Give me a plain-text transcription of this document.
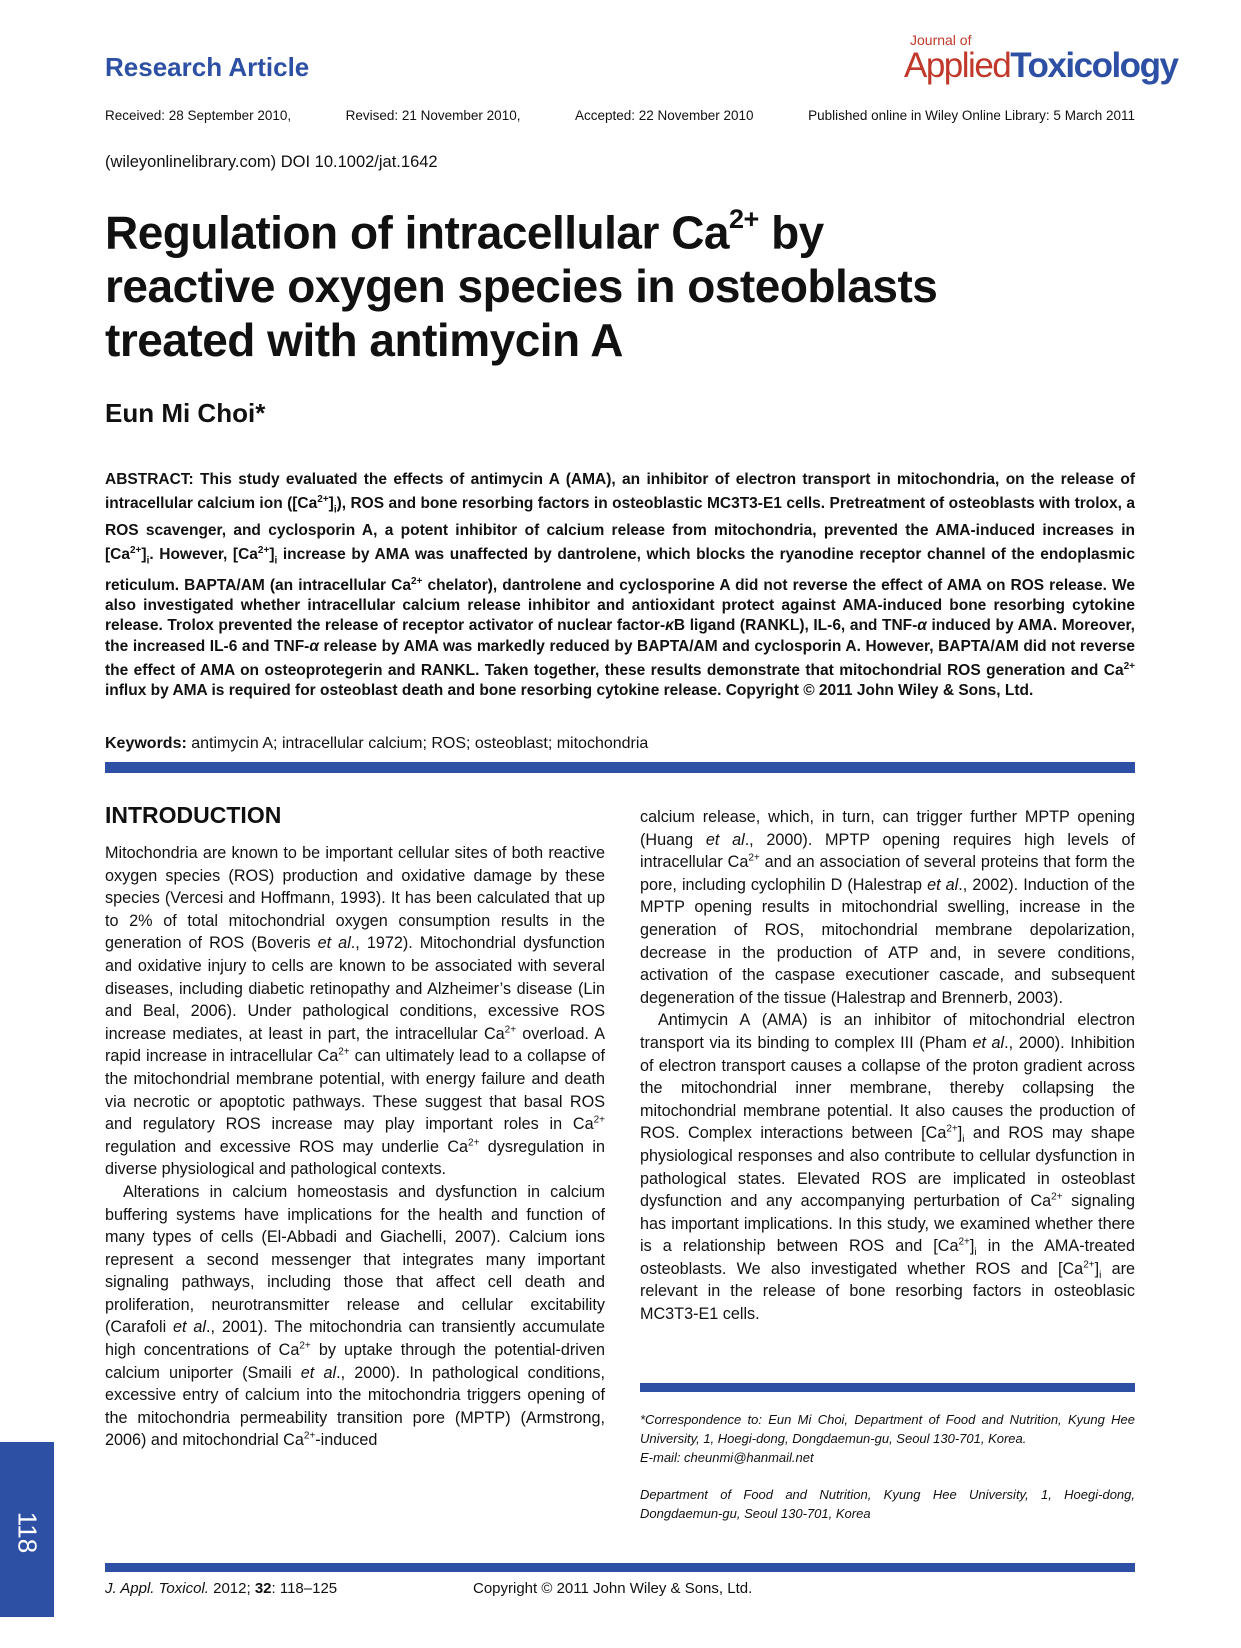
Research Article
Journal of
AppliedToxicology
Received: 28 September 2010,	Revised: 21 November 2010,	Accepted: 22 November 2010	Published online in Wiley Online Library: 5 March 2011
(wileyonlinelibrary.com) DOI 10.1002/jat.1642
Regulation of intracellular $Ca^{2+}$ by
reactive oxygen species in osteoblasts
treated with antimycin A
Eun Mi Choi*
ABSTRACT: This study evaluated the effects of antimycin A (AMA), an inhibitor of electron transport in mitochondria, on the release of intracellular calcium ion $([Ca^{2+}]_i)$, ROS and bone resorbing factors in osteoblastic MC3T3-E1 cells. Pretreatment of osteoblasts with trolox, a ROS scavenger, and cyclosporin A, a potent inhibitor of calcium release from mitochondria, prevented the AMA-induced increases in $[Ca^{2+}]_i$. However, $[Ca^{2+}]_i$ increase by AMA was unaffected by dantrolene, which blocks the ryanodine receptor channel of the endoplasmic reticulum. BAPTA/AM (an intracellular $Ca^{2+}$ chelator), dantrolene and cyclosporine A did not reverse the effect of AMA on ROS release. We also investigated whether intracellular calcium release inhibitor and antioxidant protect against AMA-induced bone resorbing cytokine release. Trolox prevented the release of receptor activator of nuclear factor-κB ligand (RANKL), IL-6, and TNF-α induced by AMA. Moreover, the increased IL-6 and TNF-α release by AMA was markedly reduced by BAPTA/AM and cyclosporin A. However, BAPTA/AM did not reverse the effect of AMA on osteoprotegerin and RANKL. Taken together, these results demonstrate that mitochondrial ROS generation and $Ca^{2+}$ influx by AMA is required for osteoblast death and bone resorbing cytokine release. Copyright © 2011 John Wiley & Sons, Ltd.
Keywords: antimycin A; intracellular calcium; ROS; osteoblast; mitochondria
INTRODUCTION

Mitochondria are known to be important cellular sites of both reactive oxygen species (ROS) production and oxidative damage by these species (Vercesi and Hoffmann, 1993). It has been calculated that up to 2% of total mitochondrial oxygen consumption results in the generation of ROS (Boveris et al., 1972). Mitochondrial dysfunction and oxidative injury to cells are known to be associated with several diseases, including diabetic retinopathy and Alzheimer’s disease (Lin and Beal, 2006). Under pathological conditions, excessive ROS increase mediates, at least in part, the intracellular $Ca^{2+}$ overload. A rapid increase in intracellular $Ca^{2+}$ can ultimately lead to a collapse of the mitochondrial membrane potential, with energy failure and death via necrotic or apoptotic pathways. These suggest that basal ROS and regulatory ROS increase may play important roles in $Ca^{2+}$ regulation and excessive ROS may underlie $Ca^{2+}$ dysregulation in diverse physiological and pathological contexts.

Alterations in calcium homeostasis and dysfunction in calcium buffering systems have implications for the health and function of many types of cells (El-Abbadi and Giachelli, 2007). Calcium ions represent a second messenger that integrates many important signaling pathways, including those that affect cell death and proliferation, neurotransmitter release and cellular excitability (Carafoli et al., 2001). The mitochondria can transiently accumulate high concentrations of $Ca^{2+}$ by uptake through the potential-driven calcium uniporter (Smaili et al., 2000). In pathological conditions, excessive entry of calcium into the mitochondria triggers opening of the mitochondria permeability transition pore (MPTP) (Armstrong, 2006) and mitochondrial $Ca^{2+}$-induced

calcium release, which, in turn, can trigger further MPTP opening (Huang et al., 2000). MPTP opening requires high levels of intracellular $Ca^{2+}$ and an association of several proteins that form the pore, including cyclophilin D (Halestrap et al., 2002). Induction of the MPTP opening results in mitochondrial swelling, increase in the generation of ROS, mitochondrial membrane depolarization, decrease in the production of ATP and, in severe conditions, activation of the caspase executioner cascade, and subsequent degeneration of the tissue (Halestrap and Brennerb, 2003).

Antimycin A (AMA) is an inhibitor of mitochondrial electron transport via its binding to complex III (Pham et al., 2000). Inhibition of electron transport causes a collapse of the proton gradient across the mitochondrial inner membrane, thereby collapsing the mitochondrial membrane potential. It also causes the production of ROS. Complex interactions between $[Ca^{2+}]_i$ and ROS may shape physiological responses and also contribute to cellular dysfunction in pathological states. Elevated ROS are implicated in osteoblast dysfunction and any accompanying perturbation of $Ca^{2+}$ signaling has important implications. In this study, we examined whether there is a relationship between ROS and $[Ca^{2+}]_i$ in the AMA-treated osteoblasts. We also investigated whether ROS and $[Ca^{2+}]_i$ are relevant in the release of bone resorbing factors in osteoblasic MC3T3-E1 cells.

*Correspondence to: Eun Mi Choi, Department of Food and Nutrition, Kyung Hee University, 1, Hoegi-dong, Dongdaemun-gu, Seoul 130-701, Korea.
E-mail: cheunmi@hanmail.net
Department of Food and Nutrition, Kyung Hee University, 1, Hoegi-dong, Dongdaemun-gu, Seoul 130-701, Korea
118
J. Appl. Toxicol. 2012; 32: 118–125	Copyright © 2011 John Wiley & Sons, Ltd.
